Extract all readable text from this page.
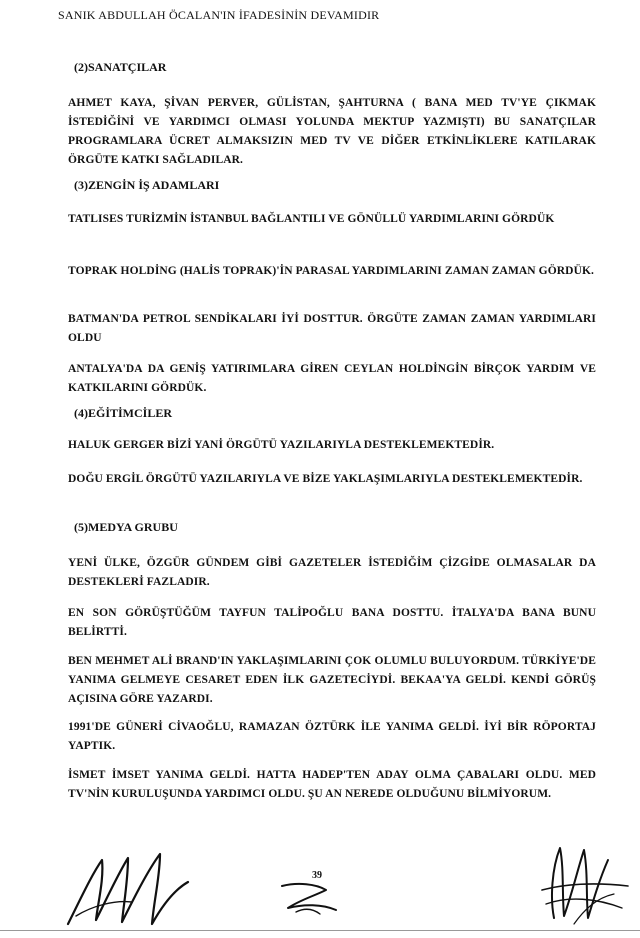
SANIK ABDULLAH ÖCALAN'IN İFADESİNİN DEVAMIDIR
(2)SANATÇILAR
AHMET KAYA, ŞİVAN PERVER, GÜLİSTAN, ŞAHTURNA ( BANA MED TV'YE ÇIKMAK İSTEDİĞİNİ VE YARDIMCI OLMASI YOLUNDA MEKTUP YAZMIŞTI) BU SANATÇILAR PROGRAMLARA ÜCRET ALMAKSIZIN MED TV VE DİĞER ETKİNLİKLERE KATILARAK ÖRGÜTE KATKI SAĞLADILAR.
(3)ZENGİN İŞ ADAMLARI
TATLISES TURİZMİN İSTANBUL BAĞLANTILI VE GÖNÜLLÜ YARDIMLARINI GÖRDÜK
TOPRAK HOLDİNG (HALİS TOPRAK)'İN PARASAL YARDIMLARINI ZAMAN ZAMAN GÖRDÜK.
BATMAN'DA PETROL SENDİKALARI İYİ DOSTTUR. ÖRGÜTE ZAMAN ZAMAN YARDIMLARI OLDU
ANTALYA'DA DA GENİŞ YATIRIMLARA GİREN CEYLAN HOLDİNGİN BİRÇOK YARDIM VE KATKILARINI GÖRDÜK.
(4)EĞİTİMCİLER
HALUK GERGER BİZİ YANİ ÖRGÜTÜ YAZILARIYLA DESTEKLEMEKTEDİR.
DOĞU ERGİL ÖRGÜTÜ YAZILARIYLA VE BİZE YAKLAŞIMLARIYLA DESTEKLEMEKTEDİR.
(5)MEDYA GRUBU
YENİ ÜLKE, ÖZGÜR GÜNDEM GİBİ GAZETELER İSTEDİĞİM ÇİZGİDE OLMASALAR DA DESTEKLERİ FAZLADIR.
EN SON GÖRÜŞTÜĞÜM TAYFUN TALİPOĞLU BANA DOSTTU. İTALYA'DA BANA BUNU BELİRTTİ.
BEN MEHMET ALİ BRAND'IN YAKLAŞIMLARINI ÇOK OLUMLU BULUYORDUM. TÜRKİYE'DE YANIMA GELMEYE CESARET EDEN İLK GAZETECİYDİ. BEKAA'YA GELDİ. KENDİ GÖRÜŞ AÇISINA GÖRE YAZARDI.
1991'DE GÜNERİ CİVAOĞLU, RAMAZAN ÖZTÜRK İLE YANIMA GELDİ. İYİ BİR RÖPORTAJ YAPTIK.
İSMET İMSET YANIMA GELDİ. HATTA HADEP'TEN ADAY OLMA ÇABALARI OLDU. MED TV'NİN KURULUŞUNDA YARDIMCI OLDU. ŞU AN NEREDE OLDUĞUNU BİLMİYORUM.
39
